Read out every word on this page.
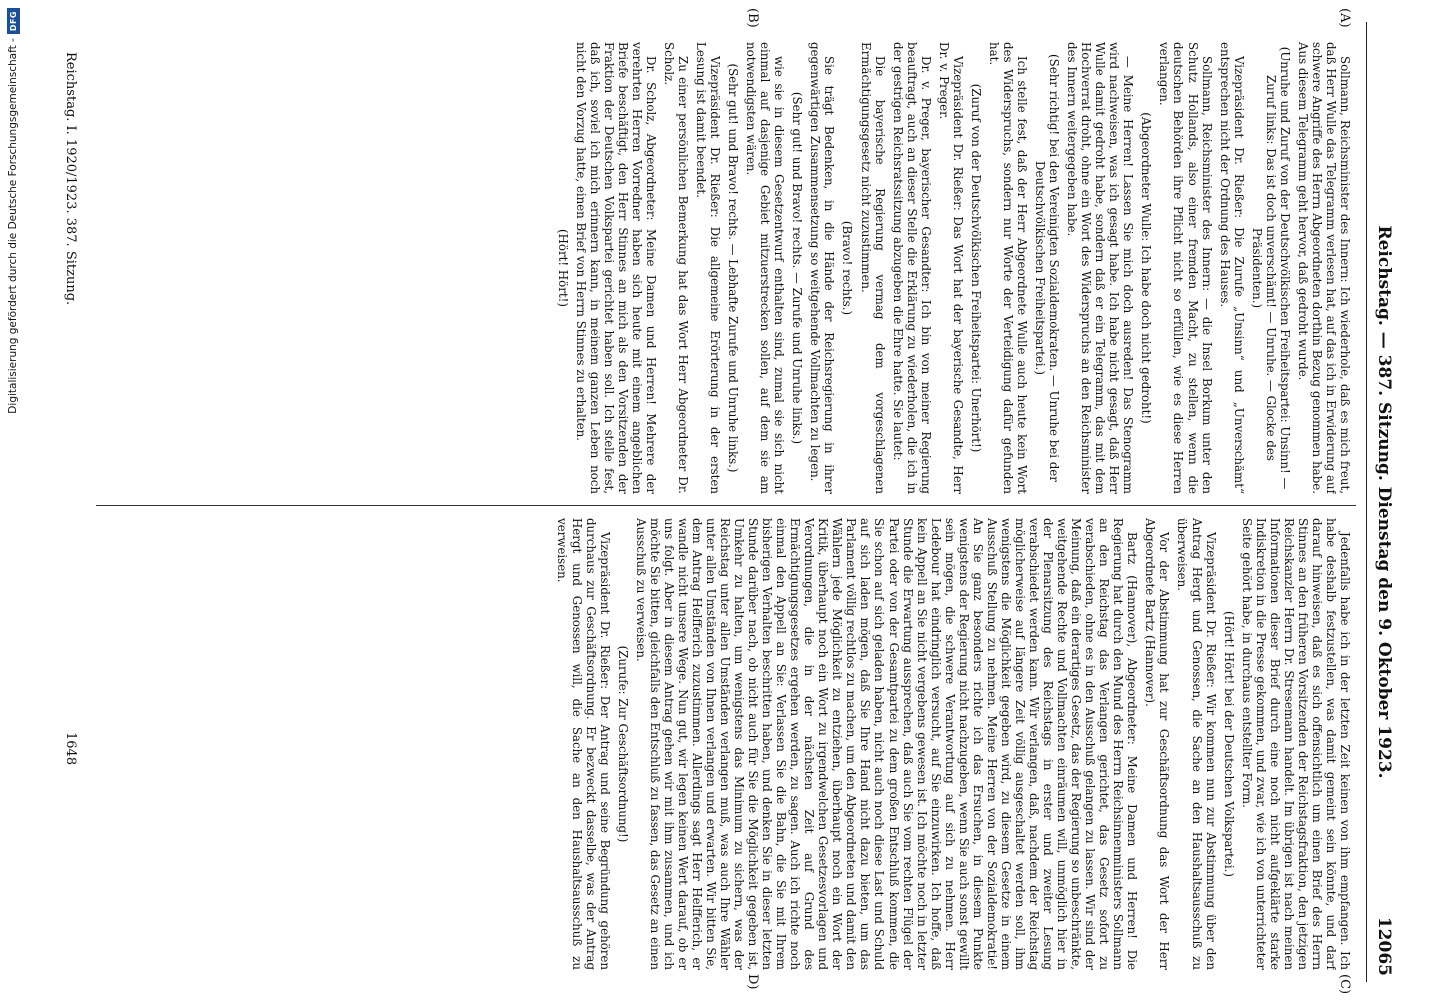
Reichstag. — 387. Sitzung. Dienstag den 9. Oktober 1923.
12065
(A)
(B)
(C)
D)

Sollmann, Reichsminister des Innern: Ich wiederhole, daß es mich freut, daß Herr Wulle das Telegramm verlesen hat, auf das ich in Erwiderung auf schwere Angriffe des Herrn Abgeordneten dorthin Bezug genommen habe. Aus diesem Telegramm geht hervor, daß gedroht wurde.

(Unruhe und Zuruf von der Deutschvölkischen Freiheitspartei: Unsinn! — Zuruf links: Das ist doch unverschämt! — Unruhe. — Glocke des Präsidenten.)

Vizepräsident Dr. Rießer: Die Zurufe „Unsinn“ und „Unverschämt“ entsprechen nicht der Ordnung des Hauses.

Sollmann, Reichsminister des Innern: — die Insel Borkum unter den Schutz Hollands, also einer fremden Macht, zu stellen, wenn die deutschen Behörden ihre Pflicht nicht so erfüllen, wie es diese Herren verlangen.

(Abgeordneter Wulle: Ich habe doch nicht gedroht!)

— Meine Herren! Lassen Sie mich doch ausreden! Das Stenogramm wird nachweisen, was ich gesagt habe. Ich habe nicht gesagt, daß Herr Wulle damit gedroht habe, sondern daß er ein Telegramm, das mit dem Hochverrat droht, ohne ein Wort des Widerspruchs an den Reichsminister des Innern weitergegeben habe.

(Sehr richtig! bei den Vereinigten Sozialdemokraten. — Unruhe bei der Deutschvölkischen Freiheitspartei.)

Ich stelle fest, daß der Herr Abgeordnete Wulle auch heute kein Wort des Widerspruchs, sondern nur Worte der Verteidigung dafür gefunden hat.

(Zuruf von der Deutschvölkischen Freiheitspartei: Unerhört!)

Vizepräsident Dr. Rießer: Das Wort hat der bayerische Gesandte, Herr Dr. v. Preger.

Dr. v. Preger, bayerischer Gesandter: Ich bin von meiner Regierung beauftragt, auch an dieser Stelle die Erklärung zu wiederholen, die ich in der gestrigen Reichsratssitzung abzugeben die Ehre hatte. Sie lautet:

Die bayerische Regierung vermag dem vorgeschlagenen Ermächtigungsgesetz nicht zuzustimmen.

(Bravo! rechts.)

Sie trägt Bedenken, in die Hände der Reichsregierung in ihrer gegenwärtigen Zusammensetzung so weitgehende Vollmachten zu legen.

(Sehr gut! und Bravo! rechts. — Zurufe und Unruhe links.)

wie sie in diesem Gesetzentwurf enthalten sind, zumal sie sich nicht einmal auf dasjenige Gebiet mitzuerstrecken sollen, auf dem sie am notwendigsten wären.

(Sehr gut! und Bravo! rechts. — Lebhafte Zurufe und Unruhe links.)

Vizepräsident Dr. Rießer: Die allgemeine Erörterung in der ersten Lesung ist damit beendet.

Zu einer persönlichen Bemerkung hat das Wort Herr Abgeordneter Dr. Scholz.

Dr. Scholz, Abgeordneter: Meine Damen und Herren! Mehrere der verehrten Herren Vorredner haben sich heute mit einem angeblichen Briefe beschäftigt, den Herr Stinnes an mich als den Vorsitzenden der Fraktion der Deutschen Volkspartei gerichtet haben soll. Ich stelle fest, daß ich, soviel ich mich erinnern kann, in meinem ganzen Leben noch nicht den Vorzug hatte, einen Brief von Herrn Stinnes zu erhalten.

(Hört! Hört!)

Jedenfalls habe ich in der letzten Zeit keinen von ihm empfangen. Ich habe deshalb festzustellen, was damit gemeint sein könnte, und darf darauf hinweisen, daß es sich offensichtlich um einen Brief des Herrn Stinnes an den früheren Vorsitzenden der Reichstagsfraktion, den jetzigen Reichskanzler Herrn Dr. Stresemann handelt. Im übrigen ist nach meinen Informationen dieser Brief durch eine noch nicht aufgeklärte starke Indiskretion in die Presse gekommen, und zwar, wie ich von unterrichteter Seite gehört habe, in durchaus entstellter Form.

(Hört! Hört! bei der Deutschen Volkspartei.)

Vizepräsident Dr. Rießer: Wir kommen nun zur Abstimmung über den Antrag Hergt und Genossen, die Sache an den Haushaltsausschuß zu überweisen.

Vor der Abstimmung hat zur Geschäftsordnung das Wort der Herr Abgeordnete Bartz (Hannover).

Bartz (Hannover), Abgeordneter: Meine Damen und Herren! Die Regierung hat durch den Mund des Herrn Reichsinnenministers Sollmann an den Reichstag das Verlangen gerichtet, das Gesetz sofort zu verabschieden, ohne es in den Ausschuß gelangen zu lassen. Wir sind der Meinung, daß ein derartiges Gesetz, das der Regierung so unbeschränkte, weitgehende Rechte und Vollmachten einräumen will, unmöglich hier in der Plenarsitzung des Reichstags in erster und zweiter Lesung verabschiedet werden kann. Wir verlangen, daß, nachdem der Reichstag möglicherweise auf längere Zeit völlig ausgeschaltet werden soll, ihm wenigstens die Möglichkeit gegeben wird, zu diesem Gesetze in einem Ausschuß Stellung zu nehmen. Meine Herren von der Sozialdemokratie! An Sie ganz besonders richte ich das Ersuchen, in diesem Punkte wenigstens der Regierung nicht nachzugeben, wenn Sie auch sonst gewillt sein mögen, die schwere Verantwortung auf sich zu nehmen. Herr Ledebour hat eindringlich versucht, auf Sie einzuwirken. Ich hoffe, daß kein Appell an Sie nicht vergebens gewesen ist. Ich möchte noch in letzter Stunde die Erwartung aussprechen, daß auch Sie vom rechten Flügel der Partei oder von der Gesamtpartei zu dem großen Entschluß kommen, die Sie schon auf sich geladen haben, nicht auch noch diese Last und Schuld auf sich laden mögen, daß Sie Ihre Hand nicht dazu bieten, um das Parlament völlig rechtlos zu machen, um den Abgeordneten und damit den Wählern jede Möglichkeit zu entziehen, überhaupt noch ein Wort der Kritik, überhaupt noch ein Wort zu irgendwelchen Gesetzesvorlagen und Verordnungen, die in der nächsten Zeit auf Grund des Ermächtigungsgesetzes ergehen werden, zu sagen. Auch ich richte noch einmal den Appell an Sie: Verlassen Sie die Bahn, die Sie mit Ihrem bisherigen Verhalten beschritten haben, und denken Sie in dieser letzten Stunde darüber nach, ob nicht auch für Sie die Möglichkeit gegeben ist, Umkehr zu halten, um wenigstens das Minimum zu sichern, was der Reichstag unter allen Umständen verlangen muß, was auch Ihre Wähler unter allen Umständen von Ihnen verlangen und erwarten. Wir bitten Sie, dem Antrag Helfferich zuzustimmen. Allerdings sagt Herr Helfferich, er wandle nicht unsere Wege. Nun gut, wir legen keinen Wert darauf, ob er uns folgt. Aber in diesem Antrag gehen wir mit ihm zusammen, und ich möchte Sie bitten, gleichfalls den Entschluß zu fassen, das Gesetz an einen Ausschuß zu verweisen.

(Zurufe: Zur Geschäftsordnung!)

Vizepräsident Dr. Rießer: Der Antrag und seine Begründung gehören durchaus zur Geschäftsordnung. Er bezweckt dasselbe, was der Antrag Hergt und Genossen will, die Sache an den Haushaltsausschuß zu verweisen.

Reichstag. I. 1920/1923. 387. Sitzung.
1648
Digitalisierung gefördert durch die Deutsche Forschungsgemeinschaft -
DFG
